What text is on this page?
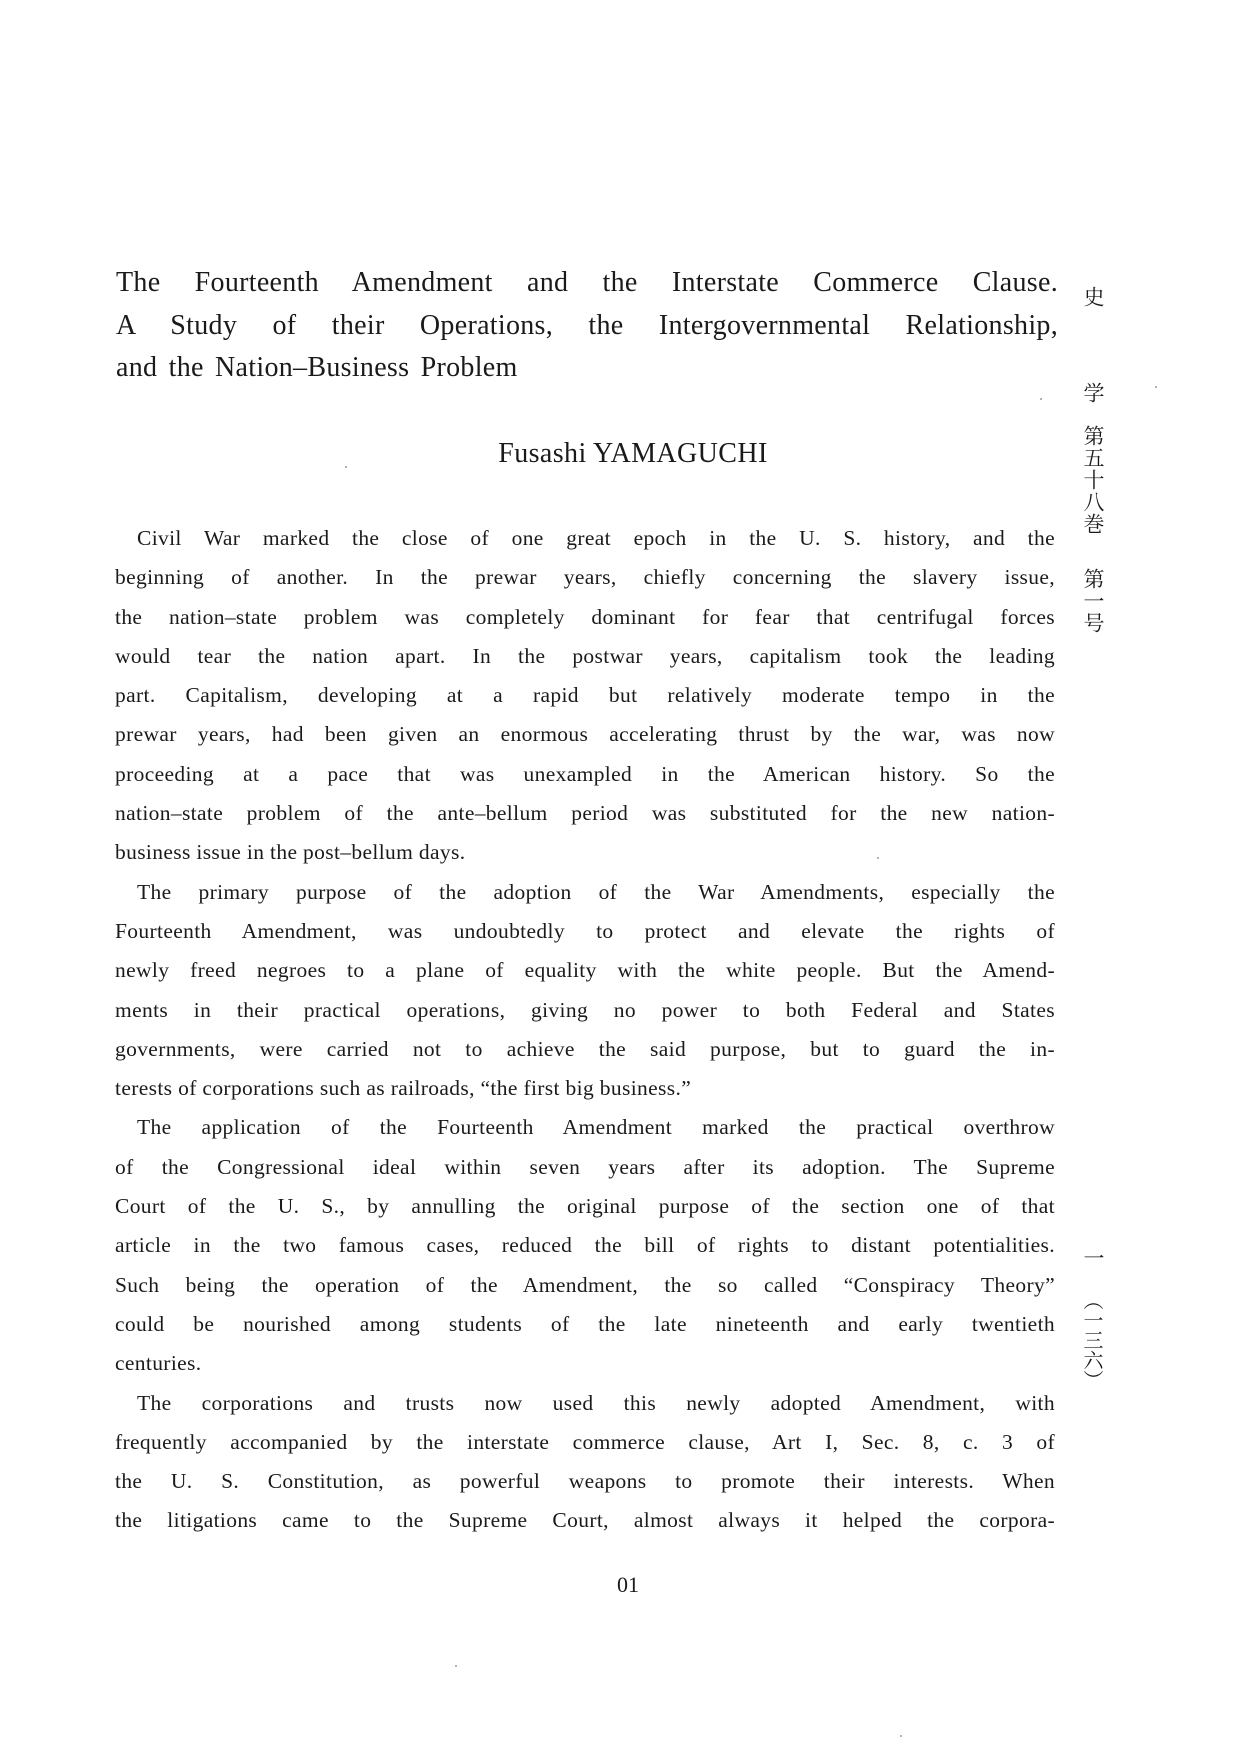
The Fourteenth Amendment and the Interstate Commerce Clause.
A Study of their Operations, the Intergovernmental Relationship,
and the Nation–Business Problem
Fusashi YAMAGUCHI
Civil War marked the close of one great epoch in the U. S. history, and the
beginning of another. In the prewar years, chiefly concerning the slavery issue,
the nation–state problem was completely dominant for fear that centrifugal forces
would tear the nation apart. In the postwar years, capitalism took the leading
part. Capitalism, developing at a rapid but relatively moderate tempo in the
prewar years, had been given an enormous accelerating thrust by the war, was now
proceeding at a pace that was unexampled in the American history. So the
nation–state problem of the ante–bellum period was substituted for the new nation-
business issue in the post–bellum days.
The primary purpose of the adoption of the War Amendments, especially the
Fourteenth Amendment, was undoubtedly to protect and elevate the rights of
newly freed negroes to a plane of equality with the white people. But the Amend-
ments in their practical operations, giving no power to both Federal and States
governments, were carried not to achieve the said purpose, but to guard the in-
terests of corporations such as railroads, “the first big business.”
The application of the Fourteenth Amendment marked the practical overthrow
of the Congressional ideal within seven years after its adoption. The Supreme
Court of the U. S., by annulling the original purpose of the section one of that
article in the two famous cases, reduced the bill of rights to distant potentialities.
Such being the operation of the Amendment, the so called “Conspiracy Theory”
could be nourished among students of the late nineteenth and early twentieth
centuries.
The corporations and trusts now used this newly adopted Amendment, with
frequently accompanied by the interstate commerce clause, Art I, Sec. 8, c. 3 of
the U. S. Constitution, as powerful weapons to promote their interests. When
the litigations came to the Supreme Court, almost always it helped the corpora-
01
史
学
第五十八巻
第一号
一
︵一三六︶
